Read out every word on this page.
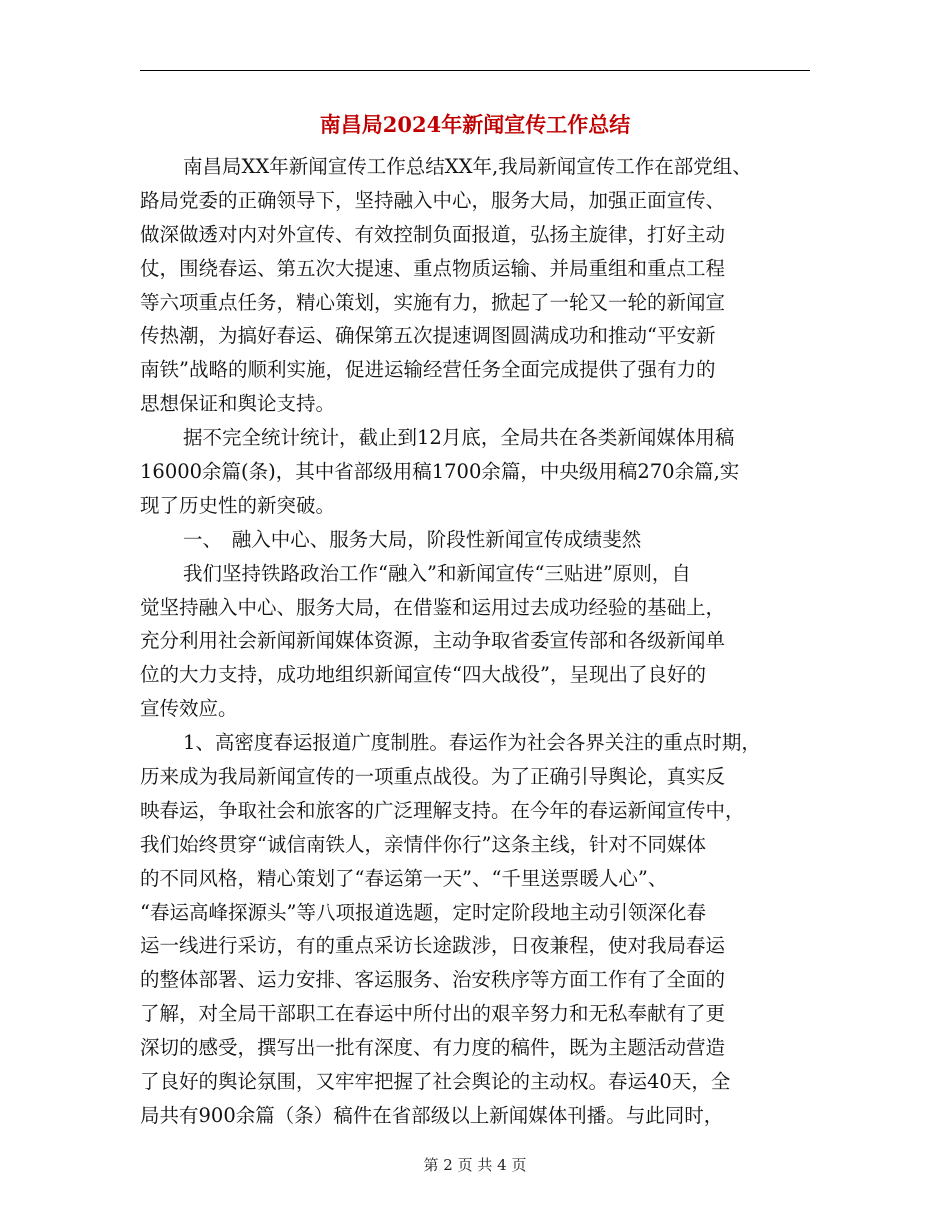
南昌局2024年新闻宣传工作总结
南昌局XX年新闻宣传工作总结XX年,我局新闻宣传工作在部党组、
路局党委的正确领导下，坚持融入中心，服务大局，加强正面宣传、
做深做透对内对外宣传、有效控制负面报道，弘扬主旋律，打好主动
仗，围绕春运、第五次大提速、重点物质运输、并局重组和重点工程
等六项重点任务，精心策划，实施有力，掀起了一轮又一轮的新闻宣
传热潮，为搞好春运、确保第五次提速调图圆满成功和推动“平安新
南铁”战略的顺利实施，促进运输经营任务全面完成提供了强有力的
思想保证和舆论支持。
据不完全统计统计，截止到12月底，全局共在各类新闻媒体用稿
16000余篇(条)，其中省部级用稿1700余篇，中央级用稿270余篇,实
现了历史性的新突破。
一、　融入中心、服务大局，阶段性新闻宣传成绩斐然
我们坚持铁路政治工作“融入”和新闻宣传“三贴进”原则，自
觉坚持融入中心、服务大局，在借鉴和运用过去成功经验的基础上，
充分利用社会新闻新闻媒体资源，主动争取省委宣传部和各级新闻单
位的大力支持，成功地组织新闻宣传“四大战役”，呈现出了良好的
宣传效应。
1、高密度春运报道广度制胜。春运作为社会各界关注的重点时期，
历来成为我局新闻宣传的一项重点战役。为了正确引导舆论，真实反
映春运，争取社会和旅客的广泛理解支持。在今年的春运新闻宣传中，
我们始终贯穿“诚信南铁人，亲情伴你行”这条主线，针对不同媒体
的不同风格，精心策划了“春运第一天”、“千里送票暖人心”、
“春运高峰探源头”等八项报道选题，定时定阶段地主动引领深化春
运一线进行采访，有的重点采访长途跋涉，日夜兼程，使对我局春运
的整体部署、运力安排、客运服务、治安秩序等方面工作有了全面的
了解，对全局干部职工在春运中所付出的艰辛努力和无私奉献有了更
深切的感受，撰写出一批有深度、有力度的稿件，既为主题活动营造
了良好的舆论氛围，又牢牢把握了社会舆论的主动权。春运40天，全
局共有900余篇（条）稿件在省部级以上新闻媒体刊播。与此同时，
第 2 页 共 4 页
